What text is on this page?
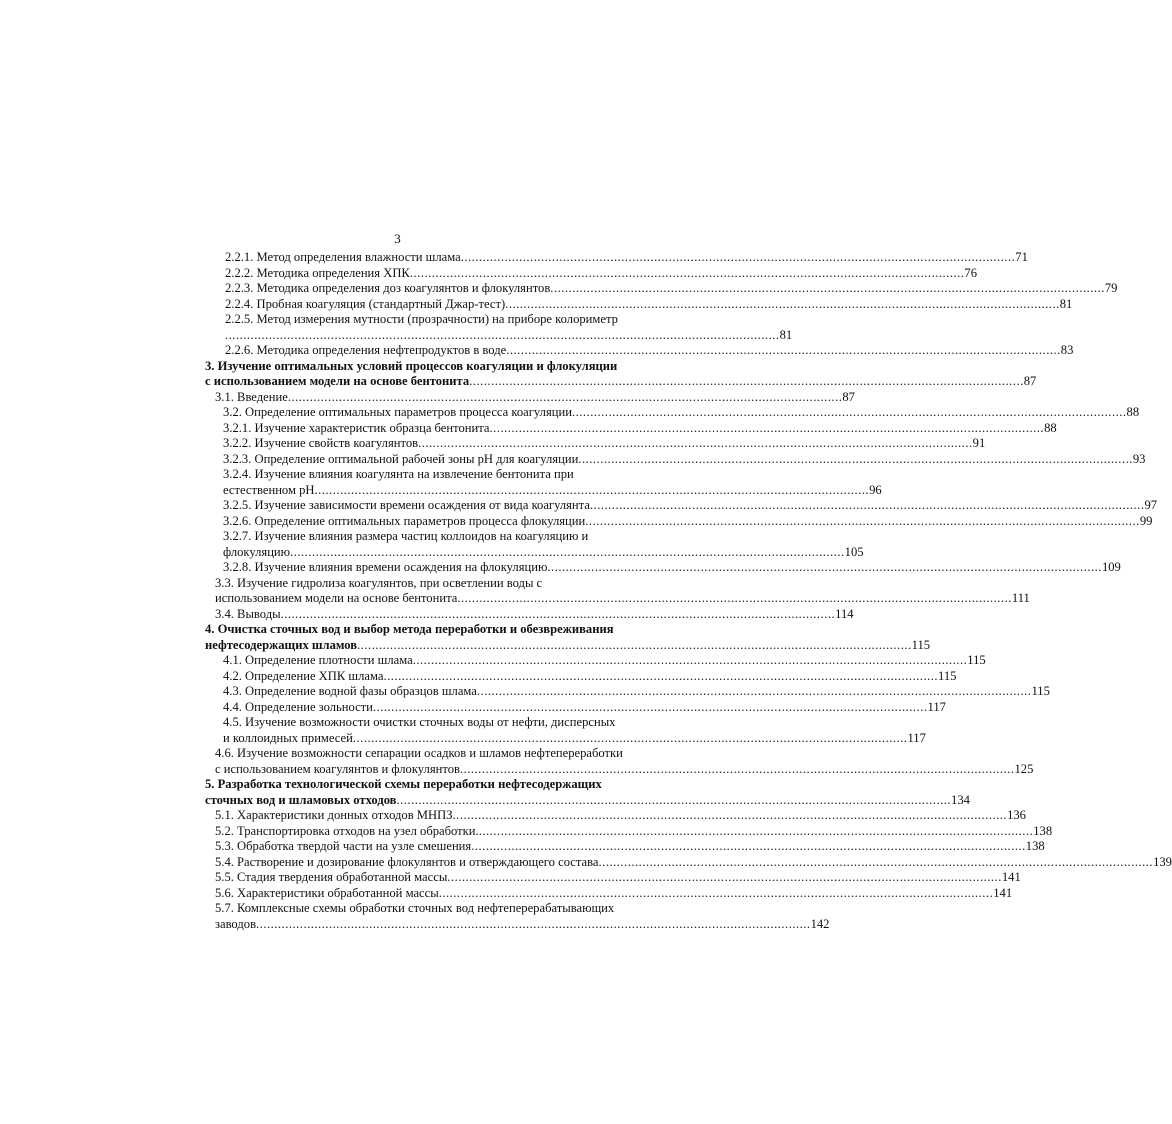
3
2.2.1. Метод определения влажности шлама ........................................................................................................................................................ 71
2.2.2. Методика определения ХПК ........................................................................................................................................................ 76
2.2.3. Методика определения доз коагулянтов и флокулянтов ........................................................................................................................................................ 79
2.2.4. Пробная коагуляция (стандартный Джар-тест) ........................................................................................................................................................ 81
2.2.5. Метод измерения мутности (прозрачности) на приборе колориметр
........................................................................................................................................................ 81
2.2.6. Методика определения нефтепродуктов в воде ........................................................................................................................................................ 83
3. Изучение оптимальных условий процессов коагуляции и флокуляции
с использованием модели на основе бентонита ........................................................................................................................................................ 87
3.1. Введение ........................................................................................................................................................ 87
3.2. Определение оптимальных параметров процесса коагуляции ........................................................................................................................................................ 88
3.2.1. Изучение характеристик образца бентонита ........................................................................................................................................................ 88
3.2.2. Изучение свойств коагулянтов ........................................................................................................................................................ 91
3.2.3. Определение оптимальной рабочей зоны pH для коагуляции ........................................................................................................................................................ 93
3.2.4. Изучение влияния коагулянта на извлечение бентонита при
естественном pH ........................................................................................................................................................ 96
3.2.5. Изучение зависимости времени осаждения от вида коагулянта ........................................................................................................................................................ 97
3.2.6. Определение оптимальных параметров процесса флокуляции ........................................................................................................................................................ 99
3.2.7. Изучение влияния размера частиц коллоидов на коагуляцию и
флокуляцию ........................................................................................................................................................ 105
3.2.8. Изучение влияния времени осаждения на флокуляцию ........................................................................................................................................................ 109
3.3. Изучение гидролиза коагулянтов, при осветлении воды с
использованием модели на основе бентонита ........................................................................................................................................................ 111
3.4. Выводы ........................................................................................................................................................ 114
4. Очистка сточных вод и выбор метода переработки и обезвреживания
нефтесодержащих шламов ........................................................................................................................................................ 115
4.1. Определение плотности шлама ........................................................................................................................................................ 115
4.2. Определение ХПК шлама ........................................................................................................................................................ 115
4.3. Определение водной фазы образцов шлама ........................................................................................................................................................ 115
4.4. Определение зольности ........................................................................................................................................................ 117
4.5. Изучение возможности очистки сточных воды от нефти, дисперсных
и коллоидных примесей ........................................................................................................................................................ 117
4.6. Изучение возможности сепарации осадков и шламов нефтепереработки
с использованием коагулянтов и флокулянтов ........................................................................................................................................................ 125
5. Разработка технологической схемы переработки нефтесодержащих
сточных вод и шламовых отходов ........................................................................................................................................................ 134
5.1. Характеристики донных отходов МНПЗ ........................................................................................................................................................ 136
5.2. Транспортировка отходов на узел обработки. ........................................................................................................................................................ 138
5.3. Обработка твердой части на узле смешения ........................................................................................................................................................ 138
5.4. Растворение и дозирование флокулянтов и отверждающего состава ........................................................................................................................................................ 139
5.5. Стадия твердения обработанной массы ........................................................................................................................................................ 141
5.6. Характеристики обработанной массы ........................................................................................................................................................ 141
5.7. Комплексные схемы обработки сточных вод нефтеперерабатывающих
заводов ........................................................................................................................................................ 142
